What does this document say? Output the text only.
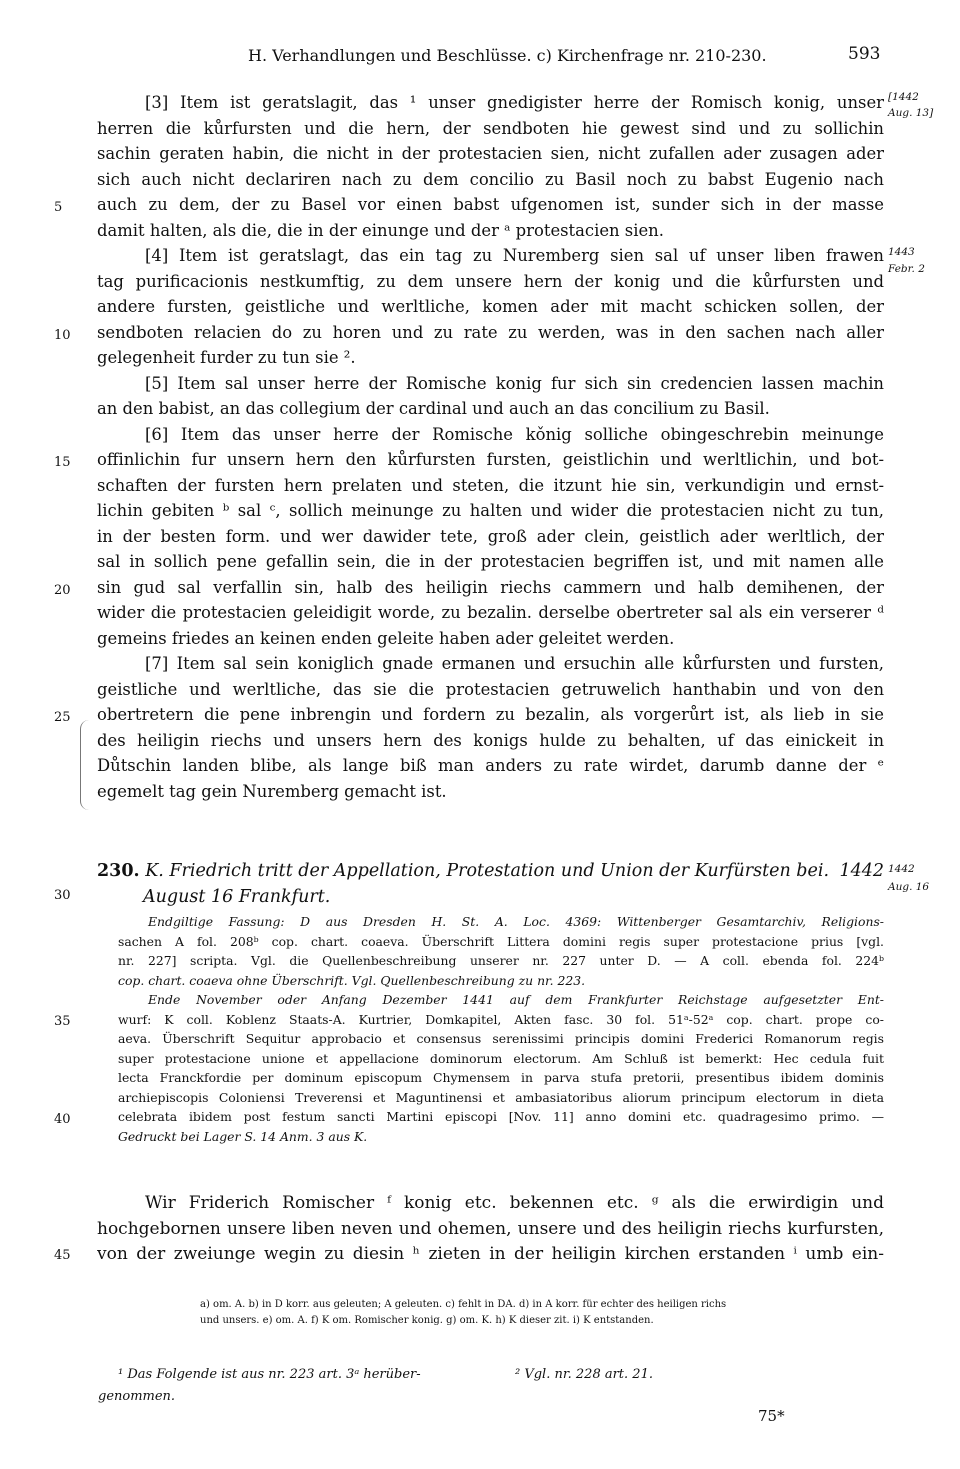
H. Verhandlungen und Beschlüsse. c) Kirchenfrage nr. 210-230.	593
[1442
Aug. 13]
1443
Febr. 2
1442
Aug. 16
5
10
15
20
25
[3] Item ist geratslagit, das ¹ unser gnedigister herre der Romisch konig, unser
herren die kůrfursten und die hern, der sendboten hie gewest sind und zu sollichin
sachin geraten habin, die nicht in der protestacien sien, nicht zufallen ader zusagen ader
sich auch nicht declariren nach zu dem concilio zu Basil noch zu babst Eugenio nach
auch zu dem, der zu Basel vor einen babst ufgenomen ist, sunder sich in der masse
damit halten, als die, die in der einunge und der ᵃ protestacien sien.
[4] Item ist geratslagt, das ein tag zu Nuremberg sien sal uf unser liben frawen
tag purificacionis nestkumftig, zu dem unsere hern der konig und die kůrfursten und
andere fursten, geistliche und werltliche, komen ader mit macht schicken sollen, der
sendboten relacien do zu horen und zu rate zu werden, was in den sachen nach aller
gelegenheit furder zu tun sie ².
[5] Item sal unser herre der Romische konig fur sich sin credencien lassen machin
an den babist, an das collegium der cardinal und auch an das concilium zu Basil.
[6] Item das unser herre der Romische kǒnig solliche obingeschrebin meinunge
offinlichin fur unsern hern den kůrfursten fursten, geistlichin und werltlichin, und bot-
schaften der fursten hern prelaten und steten, die itzunt hie sin, verkundigin und ernst-
lichin gebiten ᵇ sal ᶜ, sollich meinunge zu halten und wider die protestacien nicht zu tun,
in der besten form. und wer dawider tete, groß ader clein, geistlich ader werltlich, der
sal in sollich pene gefallin sein, die in der protestacien begriffen ist, und mit namen alle
sin gud sal verfallin sin, halb des heiligin riechs cammern und halb demihenen, der
wider die protestacien geleidigit worde, zu bezalin. derselbe obertreter sal als ein verserer ᵈ
gemeins friedes an keinen enden geleite haben ader geleitet werden.
[7] Item sal sein koniglich gnade ermanen und ersuchin alle kůrfursten und fursten,
geistliche und werltliche, das sie die protestacien getruwelich hanthabin und von den
obertretern die pene inbrengin und fordern zu bezalin, als vorgerůrt ist, als lieb in sie
des heiligin riechs und unsers hern des konigs hulde zu behalten, uf das einickeit in
Důtschin landen blibe, als lange biß man anders zu rate wirdet, darumb danne der ᵉ
egemelt tag gein Nuremberg gemacht ist.
30
230. K. Friedrich tritt der Appellation, Protestation und Union der Kurfürsten bei. 1442
August 16 Frankfurt.
35
40
Endgiltige Fassung: D aus Dresden H. St. A. Loc. 4369: Wittenberger Gesamtarchiv, Religions-
sachen A fol. 208ᵇ cop. chart. coaeva. Überschrift Littera domini regis super protestacione prius [vgl.
nr. 227] scripta. Vgl. die Quellenbeschreibung unserer nr. 227 unter D. — A coll. ebenda fol. 224ᵇ
cop. chart. coaeva ohne Überschrift. Vgl. Quellenbeschreibung zu nr. 223.
Ende November oder Anfang Dezember 1441 auf dem Frankfurter Reichstage aufgesetzter Ent-
wurf: K coll. Koblenz Staats-A. Kurtrier, Domkapitel, Akten fasc. 30 fol. 51ᵃ-52ᵃ cop. chart. prope co-
aeva. Überschrift Sequitur approbacio et consensus serenissimi principis domini Frederici Romanorum regis
super protestacione unione et appellacione dominorum electorum. Am Schluß ist bemerkt: Hec cedula fuit
lecta Franckfordie per dominum episcopum Chymensem in parva stufa pretorii, presentibus ibidem dominis
archiepiscopis Coloniensi Treverensi et Maguntinensi et ambasiatoribus aliorum principum electorum in dieta
celebrata ibidem post festum sancti Martini episcopi [Nov. 11] anno domini etc. quadragesimo primo. —
Gedruckt bei Lager S. 14 Anm. 3 aus K.
45
Wir Friderich Romischer ᶠ konig etc. bekennen etc. ᵍ als die erwirdigin und
hochgebornen unsere liben neven und ohemen, unsere und des heiligin riechs kurfursten,
von der zweiunge wegin zu diesin ʰ zieten in der heiligin kirchen erstanden ⁱ umb ein-
a) om. A. b) in D korr. aus geleuten; A geleuten. c) fehlt in DA. d) in A korr. für echter des heiligen richs
und unsers. e) om. A. f) K om. Romischer konig. g) om. K. h) K dieser zit. i) K entstanden.
¹ Das Folgende ist aus nr. 223 art. 3ᵃ herüber-
genommen.
² Vgl. nr. 228 art. 21.
75*
